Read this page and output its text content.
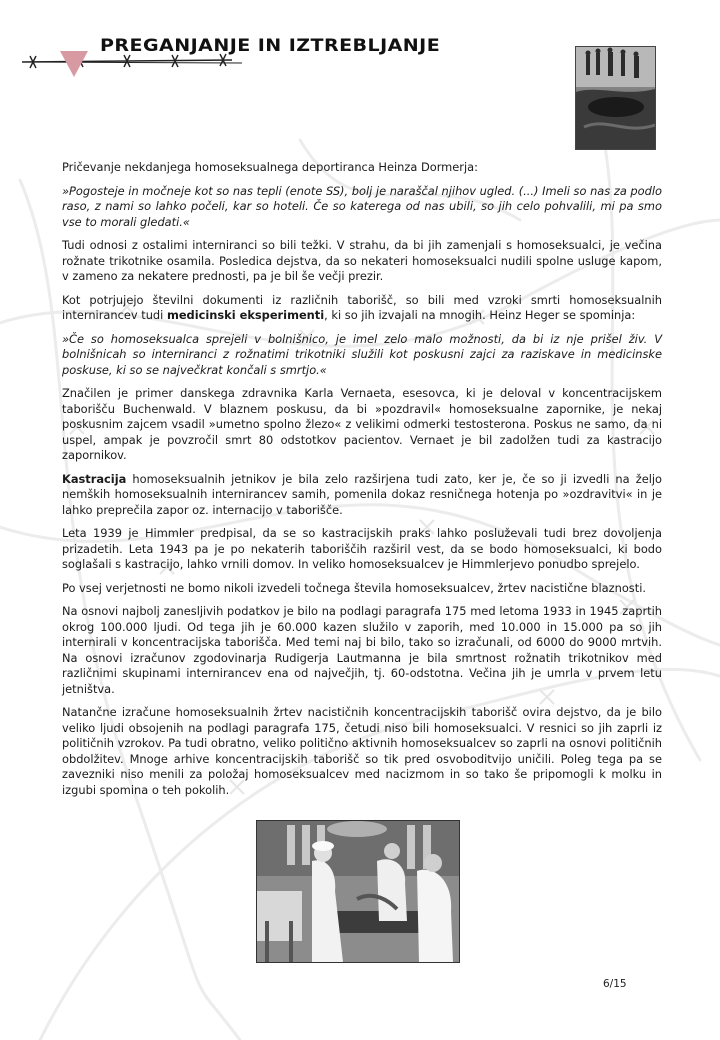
PREGANJANJE IN IZTREBLJANJE

Pričevanje nekdanjega homoseksualnega deportiranca Heinza Dormerja:

»Pogosteje in močneje kot so nas tepli (enote SS), bolj je naraščal njihov ugled. (...) Imeli so nas za podlo raso, z nami so lahko počeli, kar so hoteli. Če so katerega od nas ubili, so jih celo pohvalili, mi pa smo vse to morali gledati.«

Tudi odnosi z ostalimi interniranci so bili težki. V strahu, da bi jih zamenjali s homoseksualci, je večina rožnate trikotnike osamila. Posledica dejstva, da so nekateri homoseksualci nudili spolne usluge kapom, v zameno za nekatere prednosti, pa je bil še večji prezir.

Kot potrjujejo številni dokumenti iz različnih taborišč, so bili med vzroki smrti homoseksualnih internirancev tudi medicinski eksperimenti, ki so jih izvajali na mnogih. Heinz Heger se spominja:

»Če so homoseksualca sprejeli v bolnišnico, je imel zelo malo možnosti, da bi iz nje prišel živ. V bolnišnicah so interniranci z rožnatimi trikotniki služili kot poskusni zajci za raziskave in medicinske poskuse, ki so se največkrat končali s smrtjo.«

Značilen je primer danskega zdravnika Karla Vernaeta, esesovca, ki je deloval v koncentracijskem taborišču Buchenwald. V blaznem poskusu, da bi »pozdravil« homoseksualne zapornike, je nekaj poskusnim zajcem vsadil »umetno spolno žlezo« z velikimi odmerki testosterona. Poskus ne samo, da ni uspel, ampak je povzročil smrt 80 odstotkov pacientov. Vernaet je bil zadolžen tudi za kastracijo zapornikov.

Kastracija homoseksualnih jetnikov je bila zelo razširjena tudi zato, ker je, če so ji izvedli na željo nemških homoseksualnih internirancev samih, pomenila dokaz resničnega hotenja po »ozdravitvi« in je lahko preprečila zapor oz. internacijo v taborišče.

Leta 1939 je Himmler predpisal, da se so kastracijskih praks lahko posluževali tudi brez dovoljenja prizadetih. Leta 1943 pa je po nekaterih taboriščih razširil vest, da se bodo homoseksualci, ki bodo soglašali s kastracijo, lahko vrnili domov. In veliko homoseksualcev je Himmlerjevo ponudbo sprejelo.

Po vsej verjetnosti ne bomo nikoli izvedeli točnega števila homoseksualcev, žrtev nacistične blaznosti.

Na osnovi najbolj zanesljivih podatkov je bilo na podlagi paragrafa 175 med letoma 1933 in 1945 zaprtih okrog 100.000 ljudi. Od tega jih je 60.000 kazen služilo v zaporih, med 10.000 in 15.000 pa so jih internirali v koncentracijska taborišča. Med temi naj bi bilo, tako so izračunali, od 6000 do 9000 mrtvih. Na osnovi izračunov zgodovinarja Rudigerja Lautmanna je bila smrtnost rožnatih trikotnikov med različnimi skupinami internirancev ena od največjih, tj. 60-odstotna. Večina jih je umrla v prvem letu jetništva.

Natančne izračune homoseksualnih žrtev nacističnih koncentracijskih taborišč ovira dejstvo, da je bilo veliko ljudi obsojenih na podlagi paragrafa 175, četudi niso bili homoseksualci. V resnici so jih zaprli iz političnih vzrokov. Pa tudi obratno, veliko politično aktivnih homoseksualcev so zaprli na osnovi političnih obdolžitev. Mnoge arhive koncentracijskih taborišč so tik pred osvoboditvijo uničili. Poleg tega pa se zavezniki niso menili za položaj homoseksualcev med nacizmom in so tako še pripomogli k molku in izgubi spomina o teh pokolih.

6/15
